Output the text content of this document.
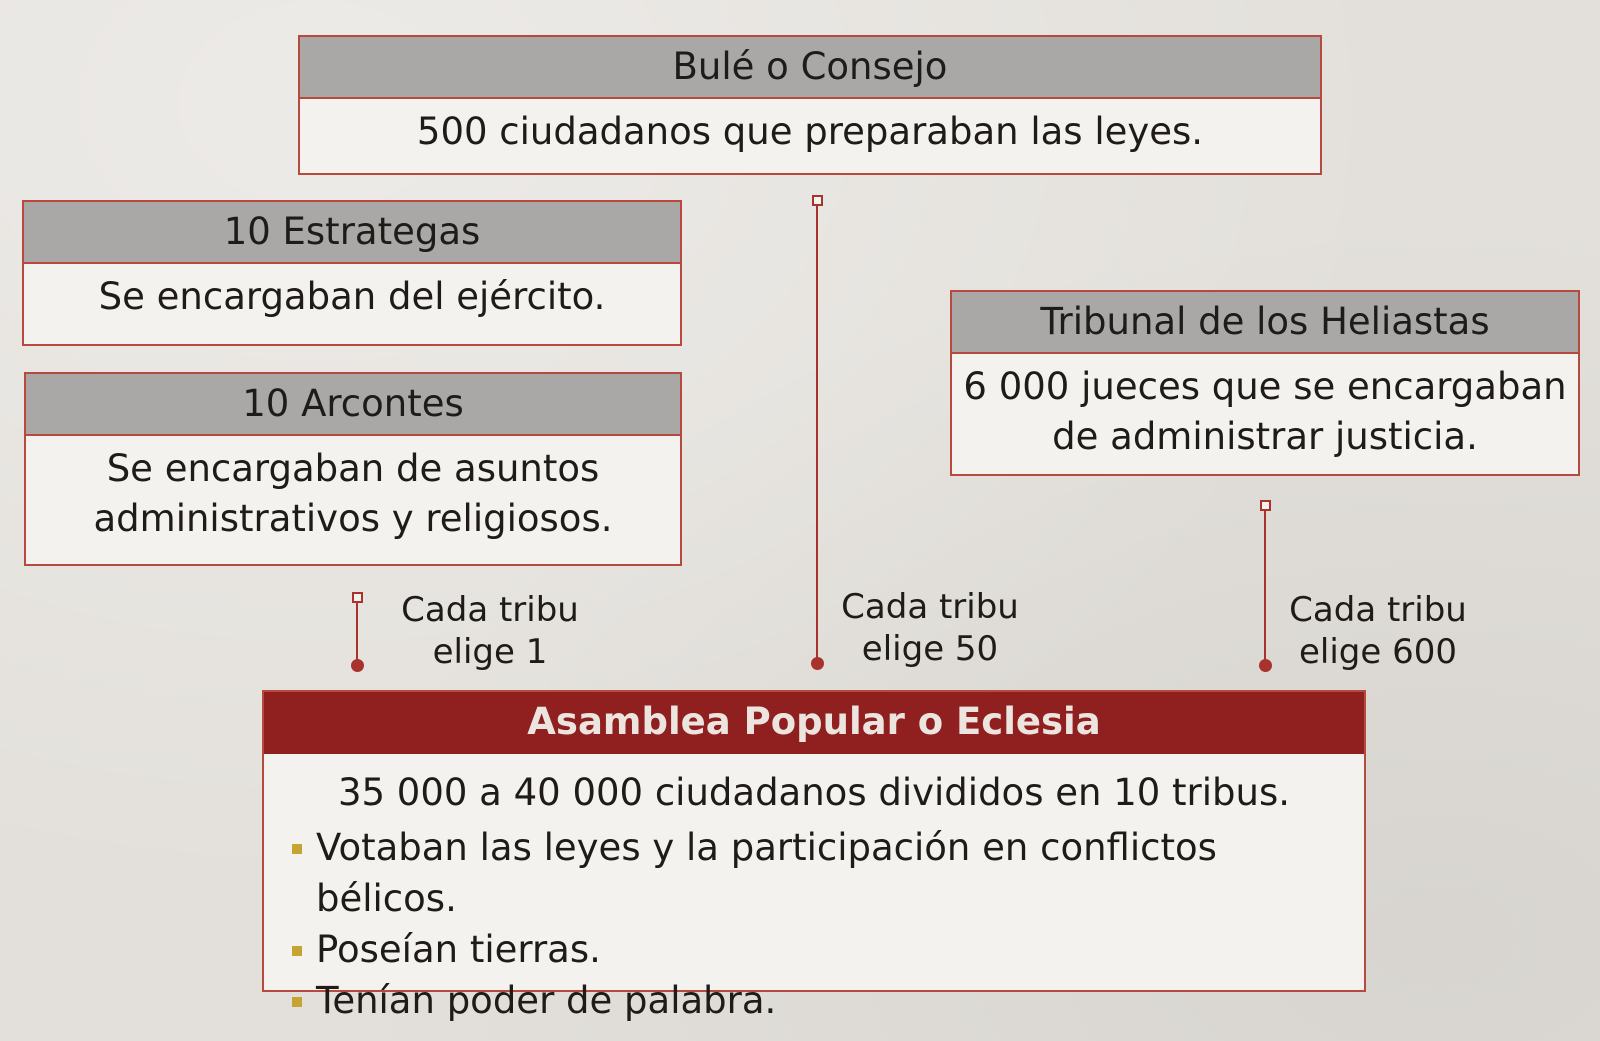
Bulé o Consejo
500 ciudadanos que preparaban las leyes.
10 Estrategas
Se encargaban del ejército.
10 Arcontes
Se encargaban de asuntos
administrativos y religiosos.
Tribunal de los Heliastas
6 000 jueces que se encargaban
de administrar justicia.
Cada tribu
elige 1
Cada tribu
elige 50
Cada tribu
elige 600
Asamblea Popular o Eclesia
35 000 a 40 000 ciudadanos divididos en 10 tribus.
Votaban las leyes y la participación en conflictos bélicos.
Poseían tierras.
Tenían poder de palabra.
